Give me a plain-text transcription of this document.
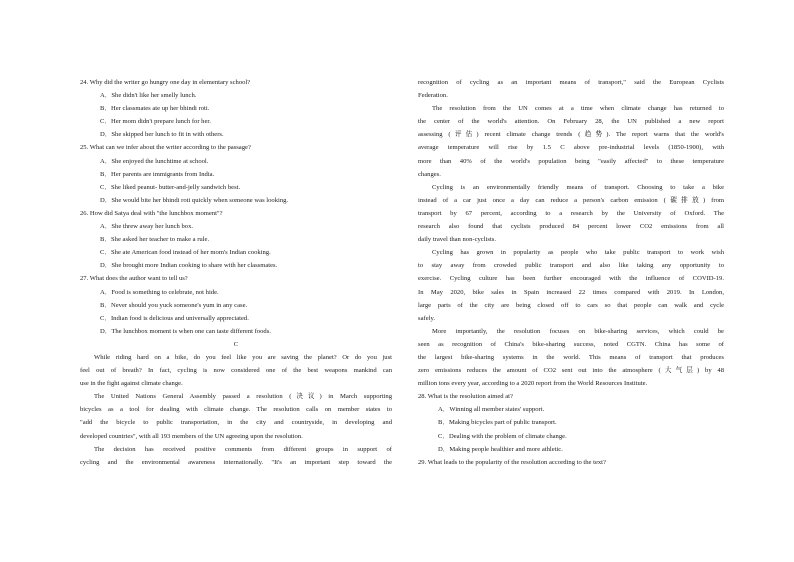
24. Why did the writer go hungry one day in elementary school?
A．She didn't like her smelly lunch.
B．Her classmates ate up her bhindi roti.
C．Her mom didn't prepare lunch for her.
D．She skipped her lunch to fit in with others.
25. What can we infer about the writer according to the passage?
A．She enjoyed the lunchtime at school.
B．Her parents are immigrants from India.
C．She liked peanut- butter-and-jelly sandwich best.
D．She would bite her bhindi roti quickly when someone was looking.
26. How did Satya deal with "the lunchbox moment"?
A．She threw away her lunch box.
B．She asked her teacher to make a rule.
C．She ate American food instead of her mom's Indian cooking.
D．She brought more Indian cooking to share with her classmates.
27. What does the author want to tell us?
A．Food is something to celebrate, not hide.
B．Never should you yuck someone's yum in any case.
C．Indian food is delicious and universally appreciated.
D．The lunchbox moment is when one can taste different foods.
C
While riding hard on a bike, do you feel like you are saving the planet? Or do you just
feel out of breath? In fact, cycling is now considered one of the best weapons mankind can
use in the fight against climate change.
The United Nations General Assembly passed a resolution (决议) in March supporting
bicycles as a tool for dealing with climate change. The resolution calls on member states to
"add the bicycle to public transportation, in the city and countryside, in developing and
developed countries", with all 193 members of the UN agreeing upon the resolution.
The decision has received positive comments from different groups in support of
cycling and the environmental awareness internationally. "It's an important step toward the
recognition of cycling as an important means of transport," said the European Cyclists
Federation.
The resolution from the UN comes at a time when climate change has returned to
the center of the world's attention. On February 28, the UN published a new report
assessing (评估) recent climate change trends (趋势). The report warns that the world's
average temperature will rise by 1.5 C above pre-industrial levels (1850-1900), with
more than 40% of the world's population being "easily affected" to these temperature
changes.
Cycling is an environmentally friendly means of transport. Choosing to take a bike
instead of a car just once a day can reduce a person's carbon emission (碳排放) from
transport by 67 percent, according to a research by the University of Oxford. The
research also found that cyclists produced 84 percent lower CO2 emissions from all
daily travel than non-cyclists.
Cycling has grown in popularity as people who take public transport to work wish
to stay away from crowded public transport and also like taking any opportunity to
exercise. Cycling culture has been further encouraged with the influence of COVID-19.
In May 2020, bike sales in Spain increased 22 times compared with 2019. In London,
large parts of the city are being closed off to cars so that people can walk and cycle
safely.
More importantly, the resolution focuses on bike-sharing services, which could be
seen as recognition of China's bike-sharing success, noted CGTN. China has some of
the largest bike-sharing systems in the world. This means of transport that produces
zero emissions reduces the amount of CO2 sent out into the atmosphere (大气层) by 48
million tons every year, according to a 2020 report from the World Resources Institute.
28. What is the resolution aimed at?
A．Winning all member states' support.
B．Making bicycles part of public transport.
C．Dealing with the problem of climate change.
D．Making people healthier and more athletic.
29. What leads to the popularity of the resolution according to the text?
